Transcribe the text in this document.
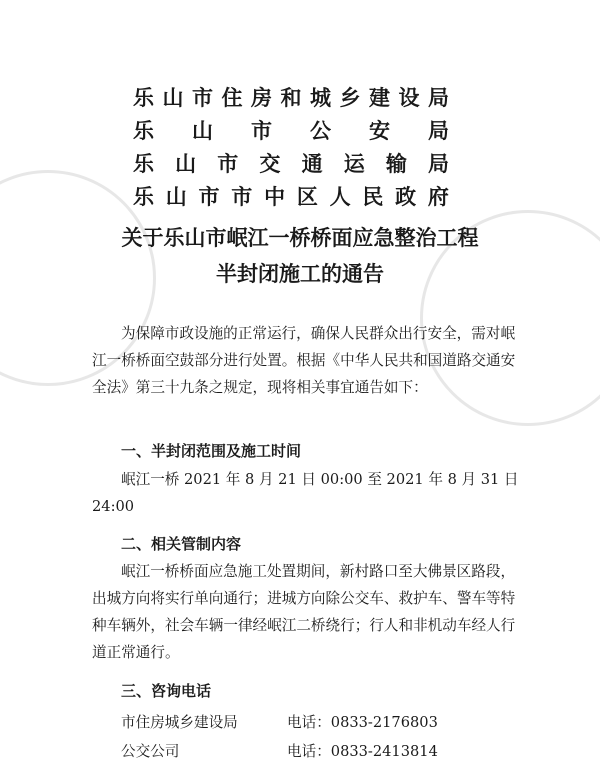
乐 山 市 住 房 和 城 乡 建 设 局
乐 山 市 公 安 局
乐 山 市 交 通 运 输 局
乐 山 市 市 中 区 人 民 政 府
关于乐山市岷江一桥桥面应急整治工程
半封闭施工的通告

为保障市政设施的正常运行，确保人民群众出行安全，需对岷江一桥桥面空鼓部分进行处置。根据《中华人民共和国道路交通安全法》第三十九条之规定，现将相关事宜通告如下：

一、半封闭范围及施工时间

岷江一桥 2021 年 8 月 21 日 00:00 至 2021 年 8 月 31 日 24:00

二、相关管制内容

岷江一桥桥面应急施工处置期间，新村路口至大佛景区路段，出城方向将实行单向通行；进城方向除公交车、救护车、警车等特种车辆外，社会车辆一律经岷江二桥绕行；行人和非机动车经人行道正常通行。

三、咨询电话
市住房城乡建设局	电话：0833-2176803
公交公司	电话：0833-2413814
